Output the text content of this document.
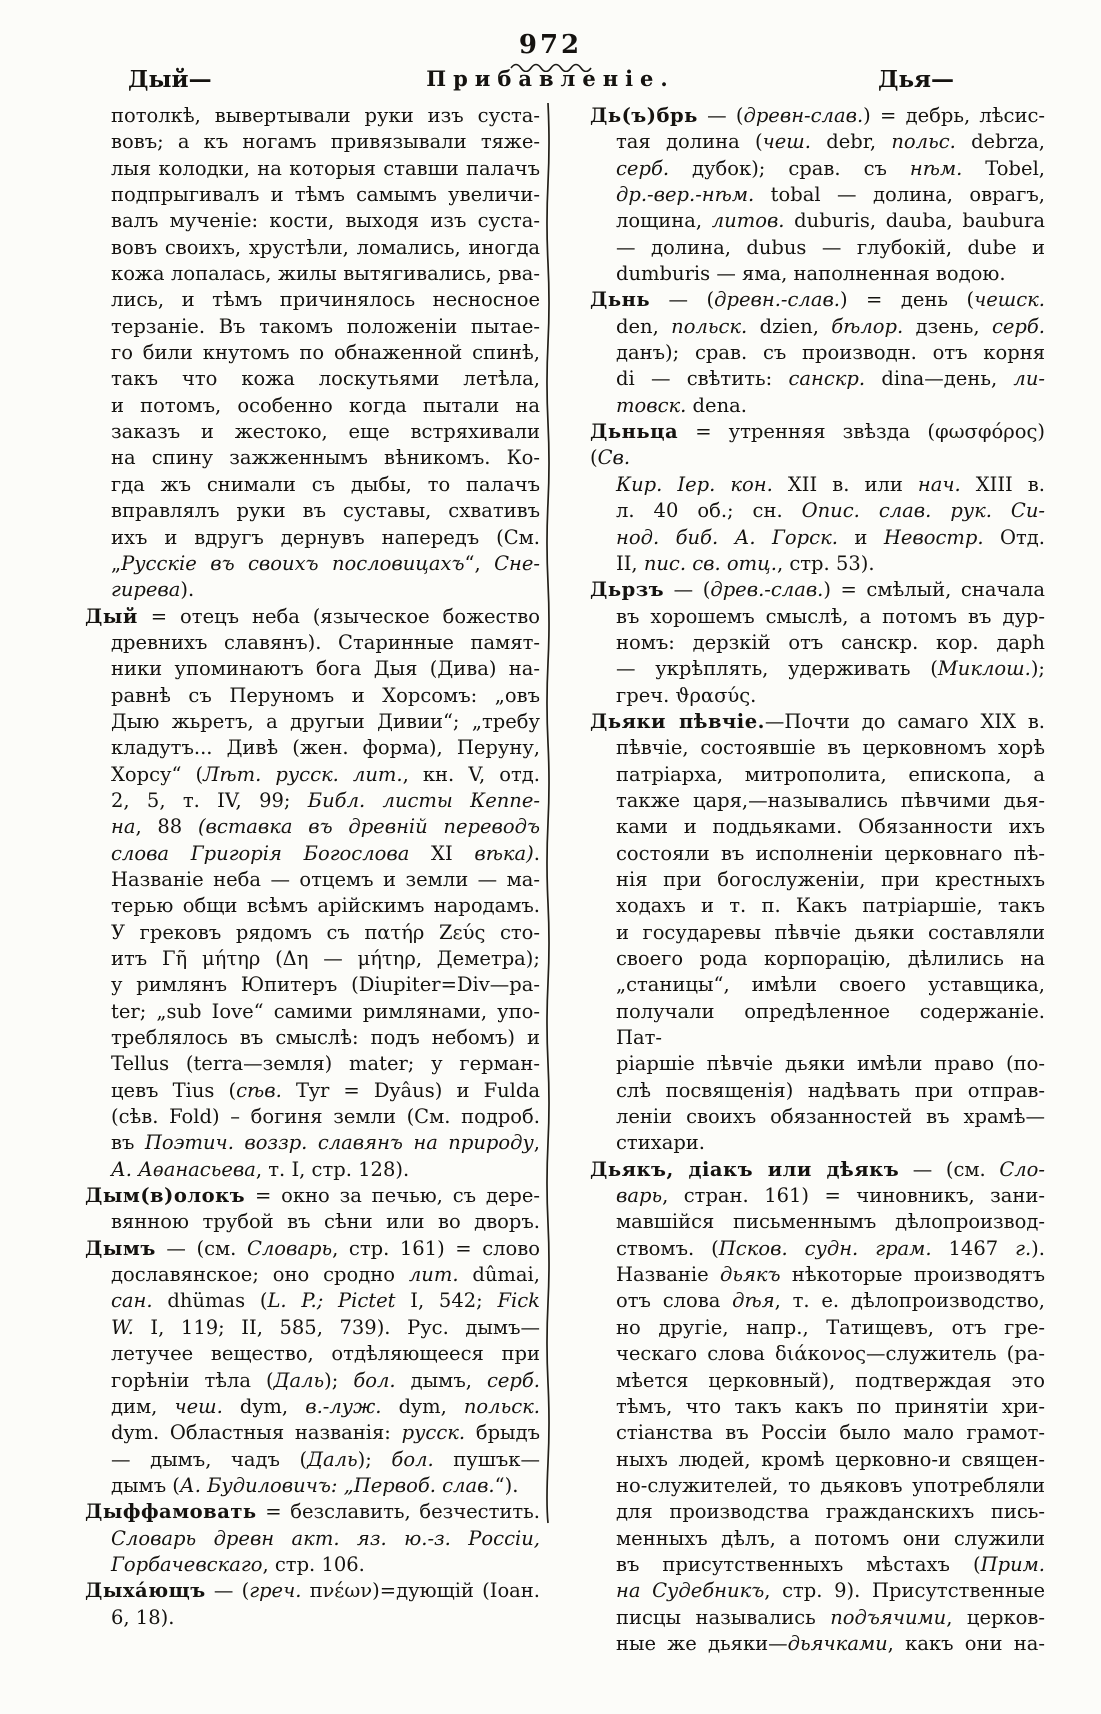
972
Прибавленіе.
Дый—	Дья—

потолкѣ, вывертывали руки изъ суста-
вовъ; а къ ногамъ привязывали тяже-
лыя колодки, на которыя ставши палачъ
подпрыгивалъ и тѣмъ самымъ увеличи-
валъ мученіе: кости, выходя изъ суста-
вовъ своихъ, хрустѣли, ломались, иногда
кожа лопалась, жилы вытягивались, рва-
лись, и тѣмъ причинялось несносное
терзаніе. Въ такомъ положеніи пытае-
го били кнутомъ по обнаженной спинѣ,
такъ что кожа лоскутьями летѣла,
и потомъ, особенно когда пытали на
заказъ и жестоко, еще встряхивали
на спину зажженнымъ вѣникомъ. Ко-
гда жъ снимали съ дыбы, то палачъ
вправлялъ руки въ суставы, схвативъ
ихъ и вдругъ дернувъ напередъ (См.
„Русскіе въ своихъ пословицахъ“, Сне-
гирева).

Дый = отецъ неба (языческое божество
древнихъ славянъ). Старинные памят-
ники упоминаютъ бога Дыя (Дива) на-
равнѣ съ Перуномъ и Хорсомъ: „овъ
Дыю жьретъ, а другыи Дивии“; „требу
кладутъ... Дивѣ (жен. форма), Перуну,
Хорсу“ (Лѣт. русск. лит., кн. V, отд.
2, 5, т. IV, 99; Библ. листы Кеппе-
на, 88 (вставка въ древній переводъ
слова Григорія Богослова XI вѣка).
Названіе неба — отцемъ и земли — ма-
терью общи всѣмъ арійскимъ народамъ.
У грековъ рядомъ съ πατήρ Ζεύς сто-
итъ Γῆ μήτηρ (Δη — μήτηρ, Деметра);
у римлянъ Юпитеръ (Diupiter=Div—pa-
ter; „sub Iove“ самими римлянами, упо-
треблялось въ смыслѣ: подъ небомъ) и
Tellus (terra—земля) mater; у герман-
цевъ Tius (сѣв. Tyr = Dyâus) и Fulda
(сѣв. Fold) – богиня земли (См. подроб.
въ Поэтич. воззр. славянъ на природу,
А. Аѳанасьева, т. I, стр. 128).

Дым(в)олокъ = окно за печью, съ дере-
вянною трубой въ сѣни или во дворъ.

Дымъ — (см. Словарь, стр. 161) = слово
дославянское; оно сродно лит. dûmai,
сан. dhümas (L. P.; Pictet I, 542; Fick
W. I, 119; II, 585, 739). Рус. дымъ—
летучее вещество, отдѣляющееся при
горѣніи тѣла (Даль); бол. дымъ, серб.
дим, чеш. dym, в.-луж. dym, польск.
dym. Областныя названія: русск. брыдъ
— дымъ, чадъ (Даль); бол. пушък—
дымъ (А. Будиловичъ: „Первоб. слав.“).

Дыффамовать = безславить, безчестить.
Словарь древн акт. яз. ю.-з. Россіи,
Горбачевскаго, стр. 106.

Дыха́ющъ — (греч. πνέων)=дующій (Іоан.
6, 18).

Дь(ъ)брь — (древн-слав.) = дебрь, лѣсис-
тая долина (чеш. debr, польс. debrza,
серб. дубок); срав. съ нѣм. Tobel,
др.-вер.-нѣм. tobal — долина, оврагъ,
лощина, литов. duburis, dauba, baubura
— долина, dubus — глубокій, dube и
dumburis — яма, наполненная водою.

Дьнь — (древн.-слав.) = день (чешск.
den, польск. dzien, бѣлор. дзень, серб.
данъ); срав. съ производн. отъ корня
di — свѣтить: санскр. dina—день, ли-
товск. dena.

Дьньца = утренняя звѣзда (φωσφόρος) (Св.
Кир. Іер. кон. XII в. или нач. XIII в.
л. 40 об.; сн. Опис. слав. рук. Си-
нод. биб. А. Горск. и Невостр. Отд.
II, пис. св. отц., стр. 53).

Дьрзъ — (древ.-слав.) = смѣлый, сначала
въ хорошемъ смыслѣ, а потомъ въ дур-
номъ: дерзкій отъ санскр. кор. дарh
— укрѣплять, удерживать (Миклош.);
греч. ϑρασύς.

Дьяки пѣвчіе.—Почти до самаго XIX в.
пѣвчіе, состоявшіе въ церковномъ хорѣ
патріарха, митрополита, епископа, а
также царя,—назывались пѣвчими дья-
ками и поддьяками. Обязанности ихъ
состояли въ исполненіи церковнаго пѣ-
нія при богослуженіи, при крестныхъ
ходахъ и т. п. Какъ патріаршіе, такъ
и государевы пѣвчіе дьяки составляли
своего рода корпорацію, дѣлились на
„станицы“, имѣли своего уставщика,
получали опредѣленное содержаніе. Пат-
ріаршіе пѣвчіе дьяки имѣли право (по-
слѣ посвященія) надѣвать при отправ-
леніи своихъ обязанностей въ храмѣ—
стихари.

Дьякъ, діакъ или дѣякъ — (см. Сло-
варь, стран. 161) = чиновникъ, зани-
мавшійся письменнымъ дѣлопроизвод-
ствомъ. (Псков. судн. грам. 1467 г.).
Названіе дьякъ нѣкоторые производятъ
отъ слова дѣя, т. е. дѣлопроизводство,
но другіе, напр., Татищевъ, отъ гре-
ческаго слова διάκονος—служитель (ра-
мѣется церковный), подтверждая это
тѣмъ, что такъ какъ по принятіи хри-
стіанства въ Россіи было мало грамот-
ныхъ людей, кромѣ церковно-и священ-
но-служителей, то дьяковъ употребляли
для производства гражданскихъ пись-
менныхъ дѣлъ, а потомъ они служили
въ присутственныхъ мѣстахъ (Прим.
на Судебникъ, стр. 9). Присутственные
писцы назывались подъячими, церков-
ные же дьяки—дьячками, какъ они на-
